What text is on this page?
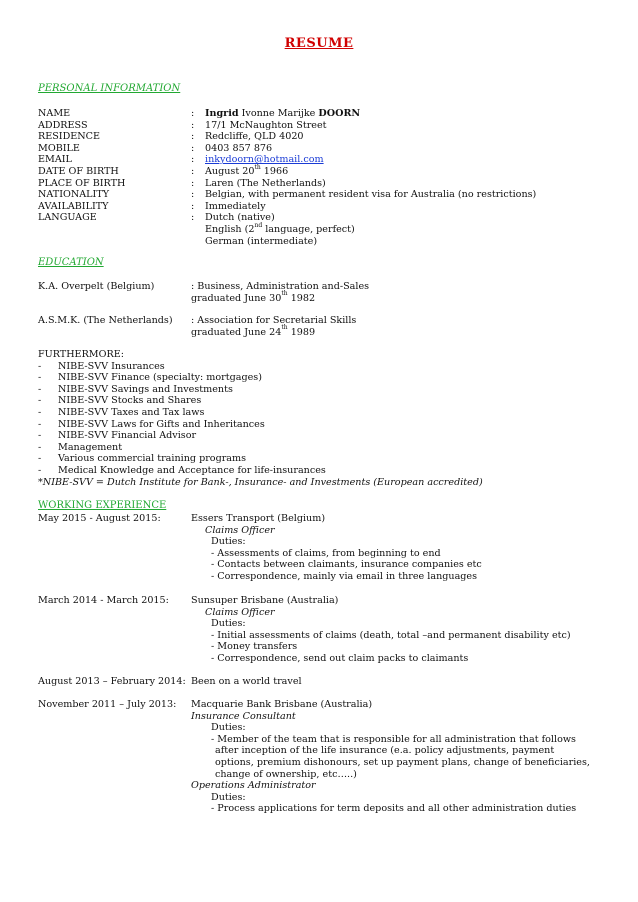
RESUME
PERSONAL INFORMATION
NAME	: Ingrid Ivonne Marijke DOORN
ADDRESS	: 17/1 McNaughton Street
RESIDENCE	: Redcliffe, QLD 4020
MOBILE	: 0403 857 876
EMAIL	: inkydoorn@hotmail.com
DATE OF BIRTH	: August 20th 1966
PLACE OF BIRTH	: Laren (The Netherlands)
NATIONALITY	: Belgian, with permanent resident visa for Australia (no restrictions)
AVAILABILITY	: Immediately
LANGUAGE	: Dutch (native)
English (2nd language, perfect)
German (intermediate)
EDUCATION
K.A. Overpelt (Belgium)	: Business, Administration and-Sales
graduated June 30th 1982
A.S.M.K. (The Netherlands) : Association for Secretarial Skills
graduated June 24th 1989
FURTHERMORE:
- NIBE-SVV Insurances
- NIBE-SVV Finance (specialty: mortgages)
- NIBE-SVV Savings and Investments
- NIBE-SVV Stocks and Shares
- NIBE-SVV Taxes and Tax laws
- NIBE-SVV Laws for Gifts and Inheritances
- NIBE-SVV Financial Advisor
- Management
- Various commercial training programs
- Medical Knowledge and Acceptance for life-insurances
*NIBE-SVV = Dutch Institute for Bank-, Insurance- and Investments (European accredited)
WORKING EXPERIENCE
May 2015 - August 2015:	Essers Transport (Belgium)
Claims Officer
Duties:
- Assessments of claims, from beginning to end
- Contacts between claimants, insurance companies etc
- Correspondence, mainly via email in three languages
March 2014 - March 2015: Sunsuper Brisbane (Australia)
Claims Officer
Duties:
- Initial assessments of claims (death, total –and permanent disability etc)
- Money transfers
- Correspondence, send out claim packs to claimants
August 2013 – February 2014: Been on a world travel
November 2011 – July 2013: Macquarie Bank Brisbane (Australia)
Insurance Consultant
Duties:
- Member of the team that is responsible for all administration that follows
after inception of the life insurance (e.a. policy adjustments, payment
options, premium dishonours, set up payment plans, change of beneficiaries,
change of ownership, etc…..)
Operations Administrator
Duties:
- Process applications for term deposits and all other administration duties
